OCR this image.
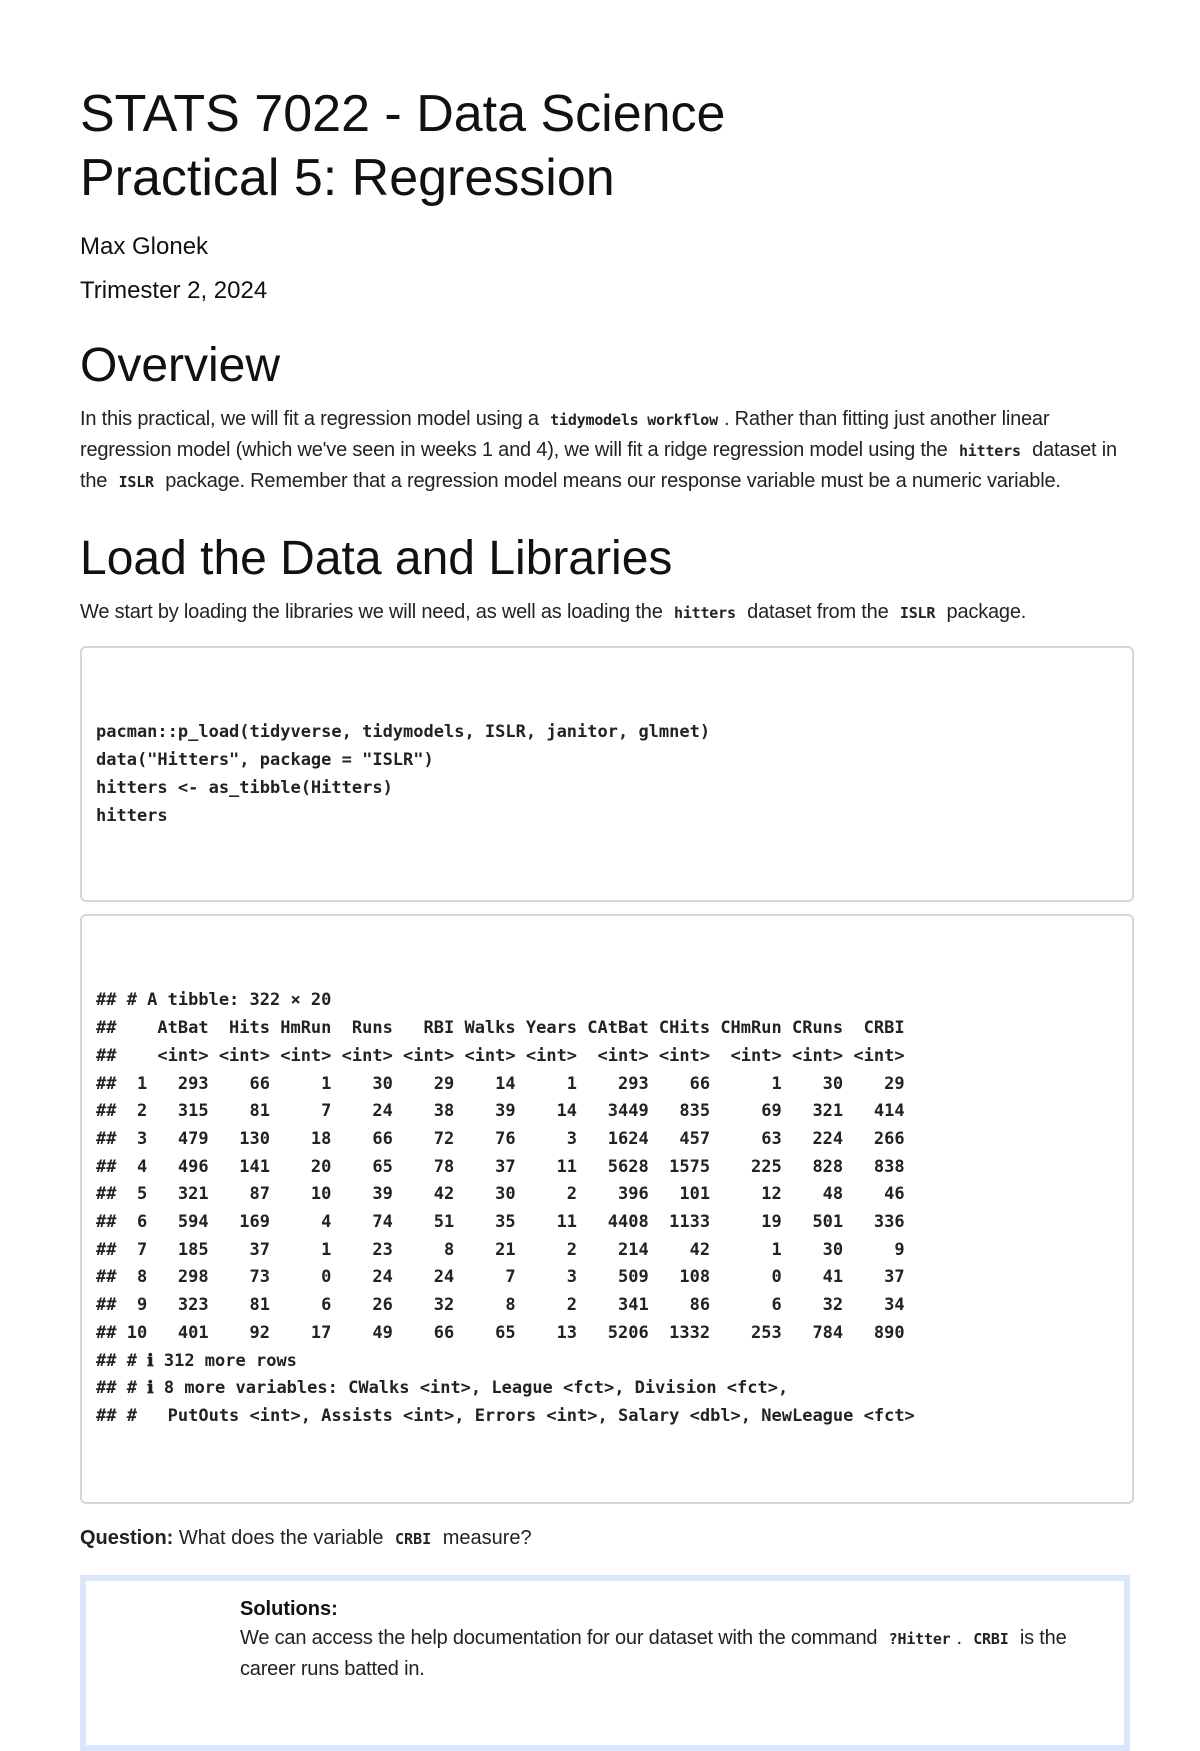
STATS 7022 - Data Science
Practical 5: Regression

Max Glonek

Trimester 2, 2024

Overview

In this practical, we will fit a regression model using a tidymodels workflow . Rather than fitting just another linear regression model (which we've seen in weeks 1 and 4), we will fit a ridge regression model using the hitters dataset in the ISLR package. Remember that a regression model means our response variable must be a numeric variable.

Load the Data and Libraries

We start by loading the libraries we will need, as well as loading the hitters dataset from the ISLR package.

pacman::p_load(tidyverse, tidymodels, ISLR, janitor, glmnet)
data("Hitters", package = "ISLR")
hitters <- as_tibble(Hitters)
hitters

## # A tibble: 322 × 20
##    AtBat  Hits HmRun  Runs   RBI Walks Years CAtBat CHits CHmRun CRuns  CRBI
##    <int> <int> <int> <int> <int> <int> <int>  <int> <int>  <int> <int> <int>
##  1   293    66     1    30    29    14     1    293    66      1    30    29
##  2   315    81     7    24    38    39    14   3449   835     69   321   414
##  3   479   130    18    66    72    76     3   1624   457     63   224   266
##  4   496   141    20    65    78    37    11   5628  1575    225   828   838
##  5   321    87    10    39    42    30     2    396   101     12    48    46
##  6   594   169     4    74    51    35    11   4408  1133     19   501   336
##  7   185    37     1    23     8    21     2    214    42      1    30     9
##  8   298    73     0    24    24     7     3    509   108      0    41    37
##  9   323    81     6    26    32     8     2    341    86      6    32    34
## 10   401    92    17    49    66    65    13   5206  1332    253   784   890
## # ℹ 312 more rows
## # ℹ 8 more variables: CWalks <int>, League <fct>, Division <fct>,
## #   PutOuts <int>, Assists <int>, Errors <int>, Salary <dbl>, NewLeague <fct>

Question: What does the variable CRBI measure?

Solutions:
We can access the help documentation for our dataset with the command ?Hitter . CRBI is the career runs batted in.
